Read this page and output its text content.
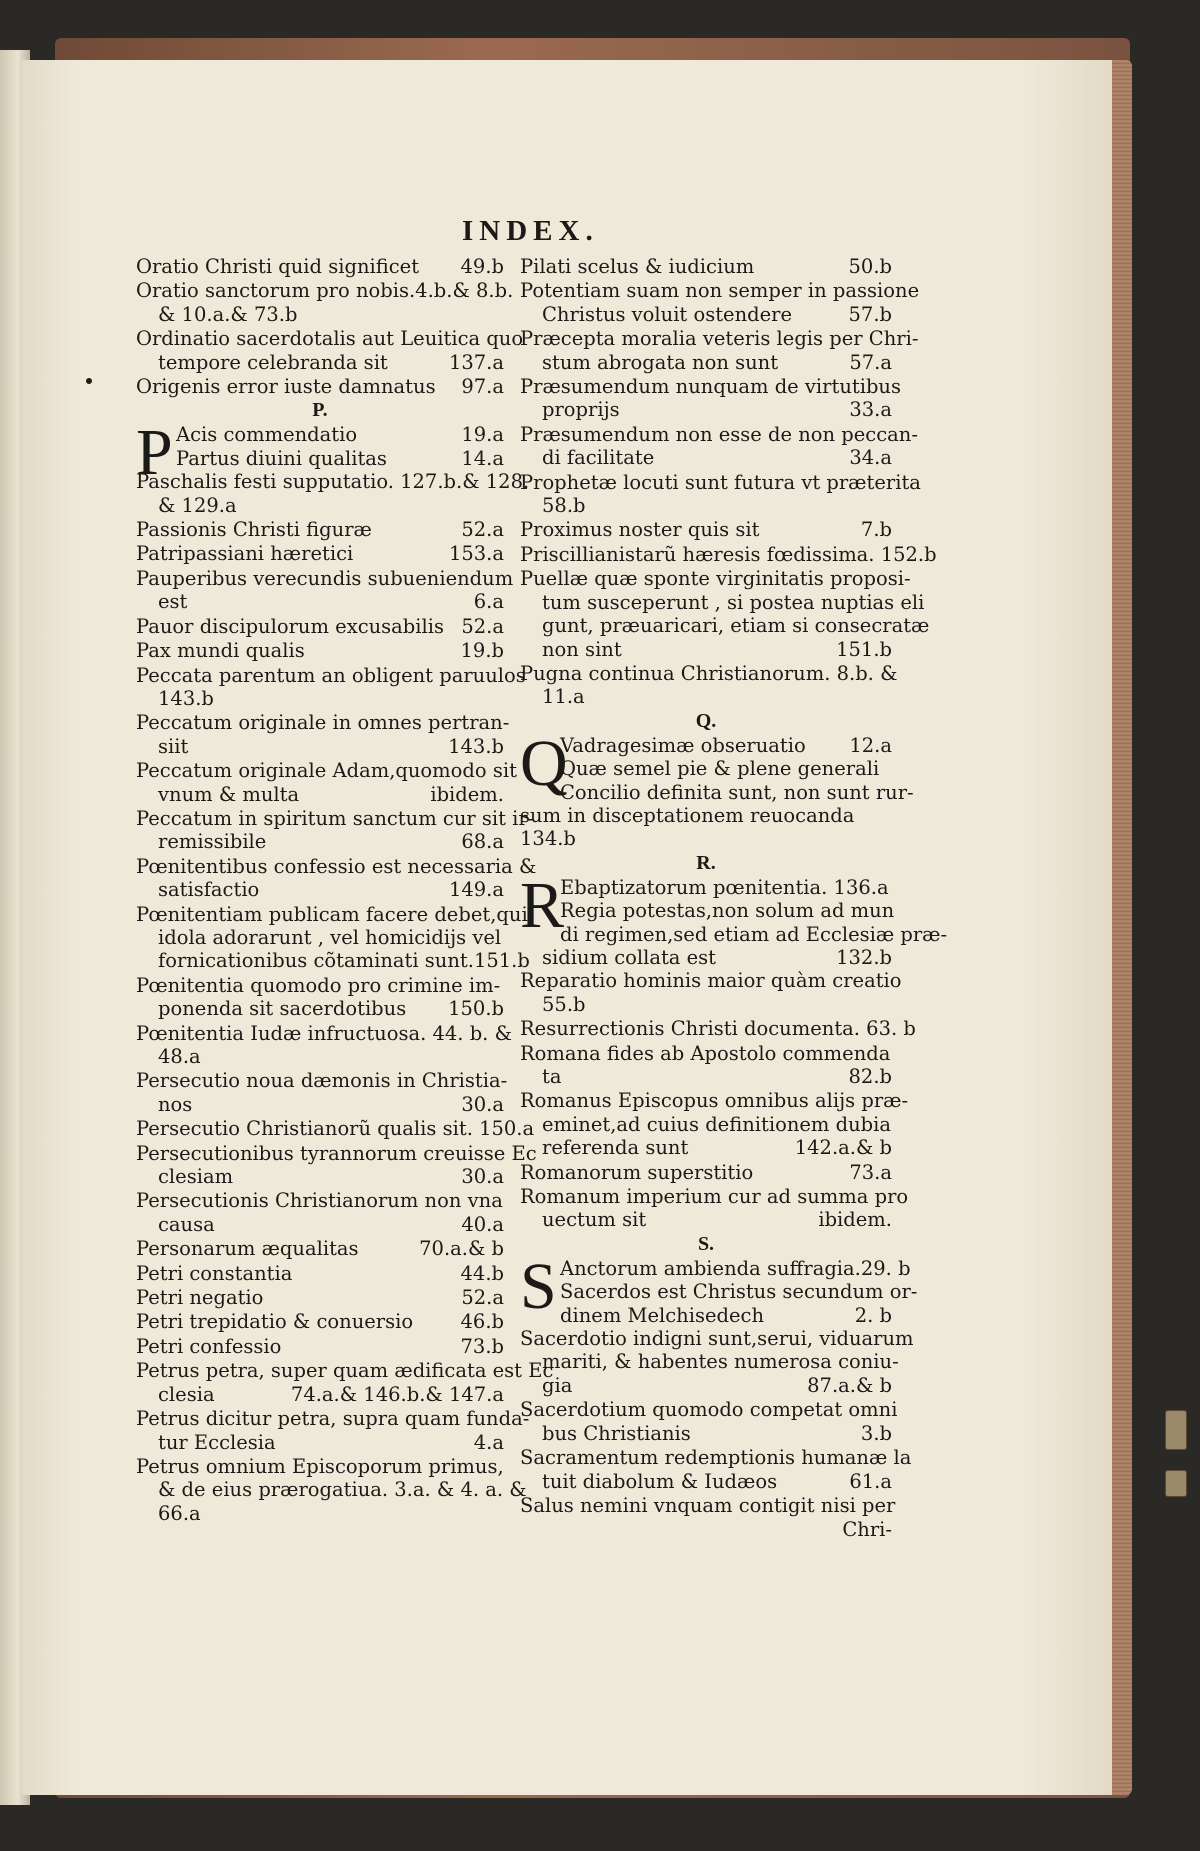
INDEX.
Oratio Christi quid significet	49.b
Oratio sanctorum pro nobis.4.b.& 8.b.
& 10.a.& 73.b
Ordinatio sacerdotalis aut Leuitica quo
tempore celebranda sit	137.a
Origenis error iuste damnatus	97.a
P.
P Acis commendatio	19.a
Partus diuini qualitas	14.a
Paschalis festi supputatio. 127.b.& 128.
& 129.a
Passionis Christi figuræ	52.a
Patripassiani hæretici	153.a
Pauperibus verecundis subueniendum
est	6.a
Pauor discipulorum excusabilis 52.a
Pax mundi qualis	19.b
Peccata parentum an obligent paruulos
143.b
Peccatum originale in omnes pertran-
siit	143.b
Peccatum originale Adam,quomodo sit
vnum & multa	ibidem.
Peccatum in spiritum sanctum cur sit ir-
remissibile	68.a
Pœnitentibus confessio est necessaria &
satisfactio	149.a
Pœnitentiam publicam facere debet,qui
idola adorarunt , vel homicidijs vel
fornicationibus cõtaminati sunt.151.b
Pœnitentia quomodo pro crimine im-
ponenda sit sacerdotibus	150.b
Pœnitentia Iudæ infructuosa. 44. b. &
48.a
Persecutio noua dæmonis in Christia-
nos	30.a
Persecutio Christianorũ qualis sit. 150.a
Persecutionibus tyrannorum creuisse Ec
clesiam	30.a
Persecutionis Christianorum non vna
causa	40.a
Personarum æqualitas	70.a.& b
Petri constantia	44.b
Petri negatio	52.a
Petri trepidatio & conuersio	46.b
Petri confessio	73.b
Petrus petra, super quam ædificata est Ec
clesia	74.a.& 146.b.& 147.a
Petrus dicitur petra, supra quam funda-
tur Ecclesia	4.a
Petrus omnium Episcoporum primus,
& de eius prærogatiua. 3.a. & 4. a. &
66.a
Pilati scelus & iudicium	50.b
Potentiam suam non semper in passione
Christus voluit ostendere	57.b
Præcepta moralia veteris legis per Chri-
stum abrogata non sunt	57.a
Præsumendum nunquam de virtutibus
proprijs	33.a
Præsumendum non esse de non peccan-
di facilitate	34.a
Prophetæ locuti sunt futura vt præterita
58.b
Proximus noster quis sit	7.b
Priscillianistarũ hæresis fœdissima. 152.b
Puellæ quæ sponte virginitatis proposi-
tum susceperunt , si postea nuptias eli
gunt, præuaricari, etiam si consecratæ
non sint	151.b
Pugna continua Christianorum. 8.b. &
11.a
Q.
Q
Vadragesimæ obseruatio	12.a
Quæ semel pie & plene generali
Concilio definita sunt, non sunt rur-
sum in disceptationem reuocanda
134.b
R.
R
Ebaptizatorum pœnitentia. 136.a
Regia potestas,non solum ad mun
di regimen,sed etiam ad Ecclesiæ præ-
sidium collata est	132.b
Reparatio hominis maior quàm creatio
55.b
Resurrectionis Christi documenta. 63. b
Romana fides ab Apostolo commenda
ta	82.b
Romanus Episcopus omnibus alijs præ-
eminet,ad cuius definitionem dubia
referenda sunt	142.a.& b
Romanorum superstitio	73.a
Romanum imperium cur ad summa pro
uectum sit	ibidem.
S.
S Anctorum ambienda suffragia.29. b
Sacerdos est Christus secundum or-
dinem Melchisedech	2. b
Sacerdotio indigni sunt,serui, viduarum
mariti, & habentes numerosa coniu-
gia	87.a.& b
Sacerdotium quomodo competat omni
bus Christianis	3.b
Sacramentum redemptionis humanæ la
tuit diabolum & Iudæos	61.a
Salus nemini vnquam contigit nisi per
Chri-
